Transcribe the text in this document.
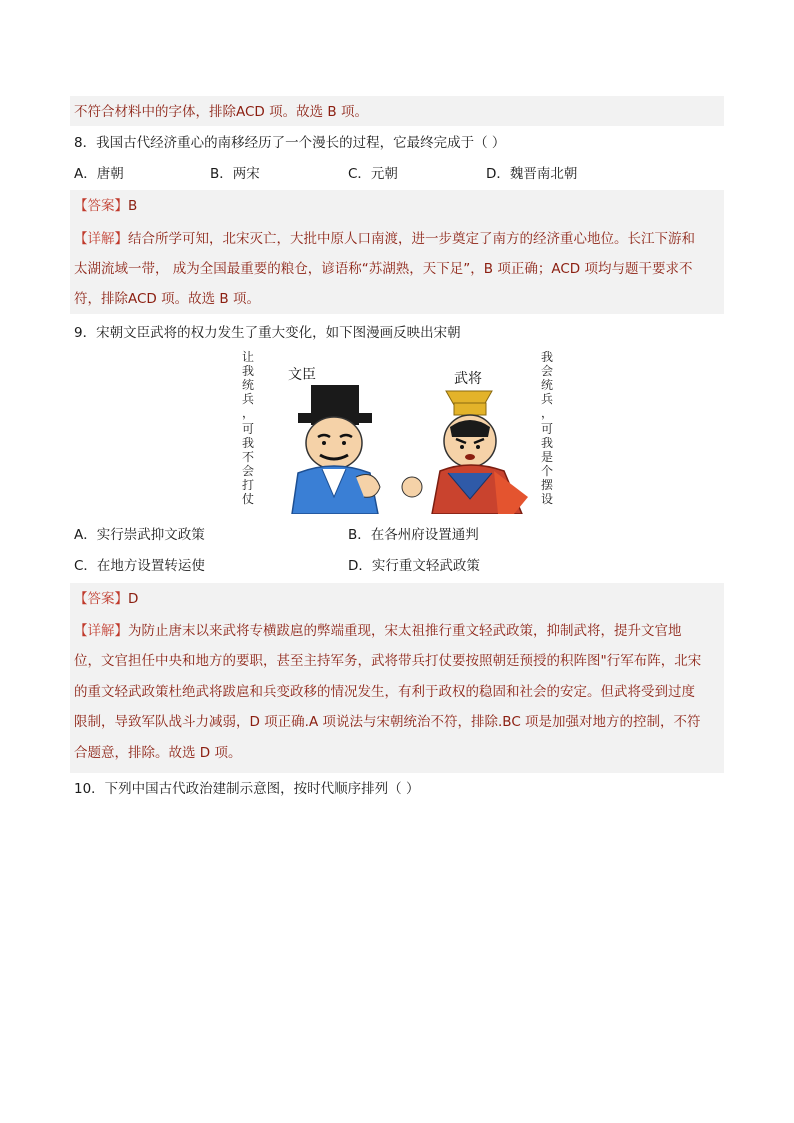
不符合材料中的字体，排除ACD 项。故选 B 项。
8．我国古代经济重心的南移经历了一个漫长的过程，它最终完成于（ ）
A．唐朝	B．两宋	C．元朝	D．魏晋南北朝
【答案】B
【详解】结合所学可知，北宋灭亡，大批中原人口南渡，进一步奠定了南方的经济重心地位。长江下游和
太湖流域一带， 成为全国最重要的粮仓，谚语称“苏湖熟，天下足”，B 项正确；ACD 项均与题干要求不
符，排除ACD 项。故选 B 项。
9．宋朝文臣武将的权力发生了重大变化，如下图漫画反映出宋朝
让
我
统
兵
，
可
我
不
会
打
仗
我
会
统
兵
，
可
我
是
个
摆
设
文臣	武将
A．实行崇武抑文政策	B．在各州府设置通判
C．在地方设置转运使	D．实行重文轻武政策
【答案】D
【详解】为防止唐末以来武将专横跋扈的弊端重现，宋太祖推行重文轻武政策，抑制武将，提升文官地
位，文官担任中央和地方的要职，甚至主持军务，武将带兵打仗要按照朝廷预授的积阵图"行军布阵，北宋
的重文轻武政策杜绝武将跋扈和兵变政移的情况发生，有利于政权的稳固和社会的安定。但武将受到过度
限制，导致军队战斗力减弱，D 项正确.A 项说法与宋朝统治不符，排除.BC 项是加强对地方的控制，不符
合题意，排除。故选 D 项。
10．下列中国古代政治建制示意图，按时代顺序排列（ ）
